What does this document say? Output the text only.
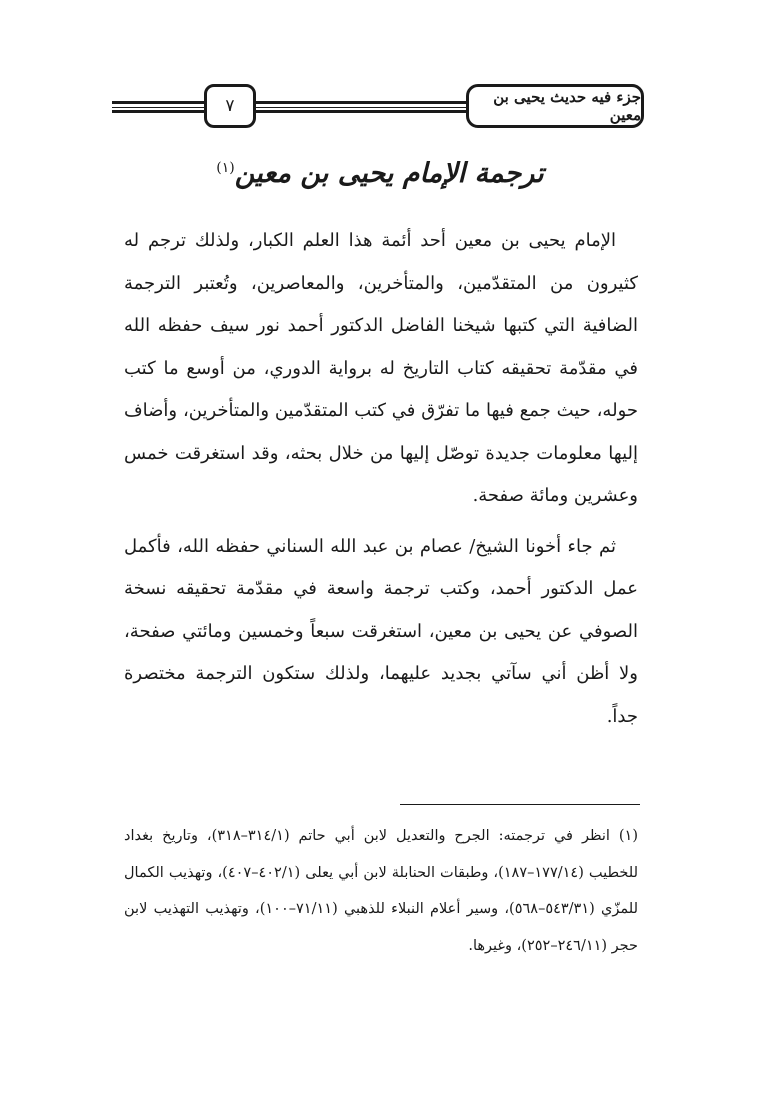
٧	جزء فيه حديث يحيى بن معين
ترجمة الإمام يحيى بن معين$^{(١)}$

الإمام يحيى بن معين أحد أئمة هذا العلم الكبار، ولذلك ترجم له كثيرون من المتقدّمين، والمتأخرين، والمعاصرين، وتُعتبر الترجمة الضافية التي كتبها شيخنا الفاضل الدكتور أحمد نور سيف حفظه الله في مقدّمة تحقيقه كتاب التاريخ له برواية الدوري، من أوسع ما كتب حوله، حيث جمع فيها ما تفرّق في كتب المتقدّمين والمتأخرين، وأضاف إليها معلومات جديدة توصّل إليها من خلال بحثه، وقد استغرقت خمس وعشرين ومائة صفحة.

ثم جاء أخونا الشيخ/ عصام بن عبد الله السناني حفظه الله، فأكمل عمل الدكتور أحمد، وكتب ترجمة واسعة في مقدّمة تحقيقه نسخة الصوفي عن يحيى بن معين، استغرقت سبعاً وخمسين ومائتي صفحة، ولا أظن أني سآتي بجديد عليهما، ولذلك ستكون الترجمة مختصرة جداً.

(١) انظر في ترجمته: الجرح والتعديل لابن أبي حاتم (٣١٤/١–٣١٨)، وتاريخ بغداد للخطيب (١٧٧/١٤–١٨٧)، وطبقات الحنابلة لابن أبي يعلى (٤٠٢/١–٤٠٧)، وتهذيب الكمال للمزّي (٥٤٣/٣١–٥٦٨)، وسير أعلام النبلاء للذهبي (٧١/١١–١٠٠)، وتهذيب التهذيب لابن حجر (٢٤٦/١١–٢٥٢)، وغيرها.
